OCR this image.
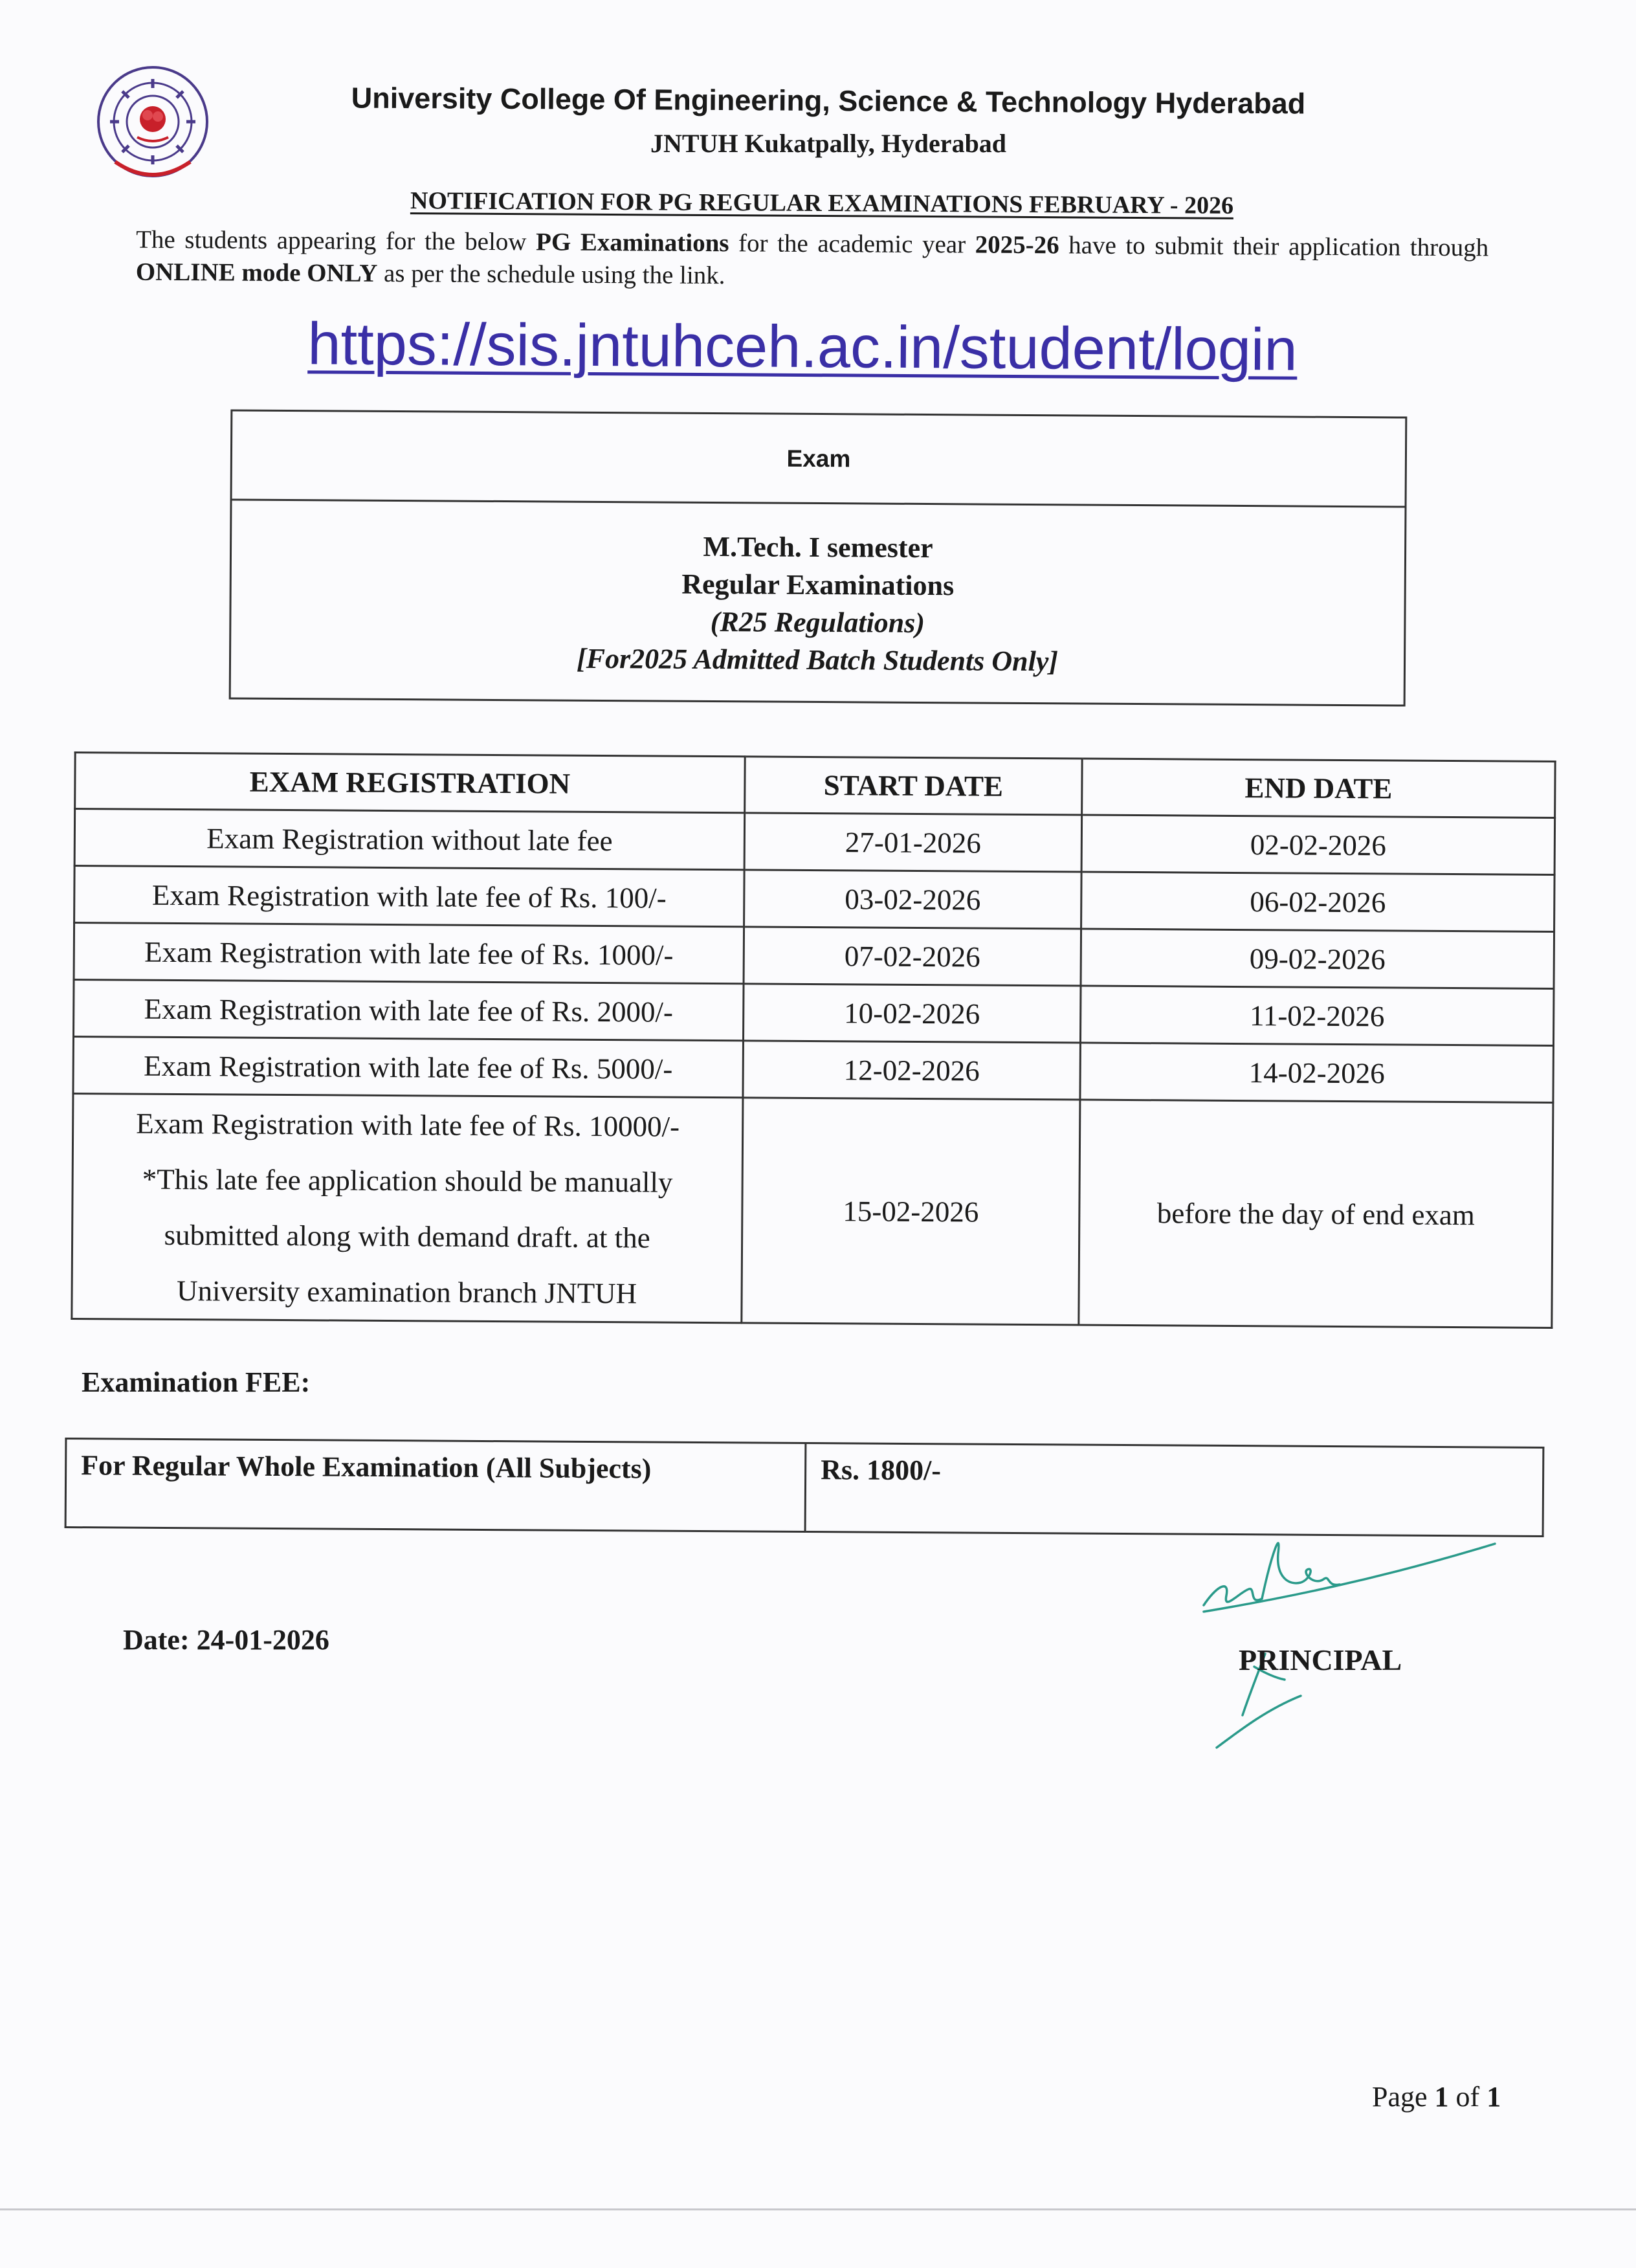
University College Of Engineering, Science & Technology Hyderabad
JNTUH Kukatpally, Hyderabad
NOTIFICATION FOR PG REGULAR EXAMINATIONS FEBRUARY - 2026
The students appearing for the below PG Examinations for the academic year 2025-26 have to submit their application through ONLINE mode ONLY as per the schedule using the link.
https://sis.jntuhceh.ac.in/student/login
Exam
M.Tech. I semester
Regular Examinations
(R25 Regulations)
[For2025 Admitted Batch Students Only]
EXAM REGISTRATION	START DATE	END DATE
Exam Registration without late fee	27-01-2026	02-02-2026
Exam Registration with late fee of Rs. 100/-	03-02-2026	06-02-2026
Exam Registration with late fee of Rs. 1000/-	07-02-2026	09-02-2026
Exam Registration with late fee of Rs. 2000/-	10-02-2026	11-02-2026
Exam Registration with late fee of Rs. 5000/-	12-02-2026	14-02-2026

Exam Registration with late fee of Rs. 10000/-
*This late fee application should be manually
submitted along with demand draft. at the
University examination branch JNTUH	15-02-2026	before the day of end exam
Examination FEE:
For Regular Whole Examination (All Subjects)	Rs. 1800/-
Date: 24-01-2026
PRINCIPAL
Page 1 of 1
